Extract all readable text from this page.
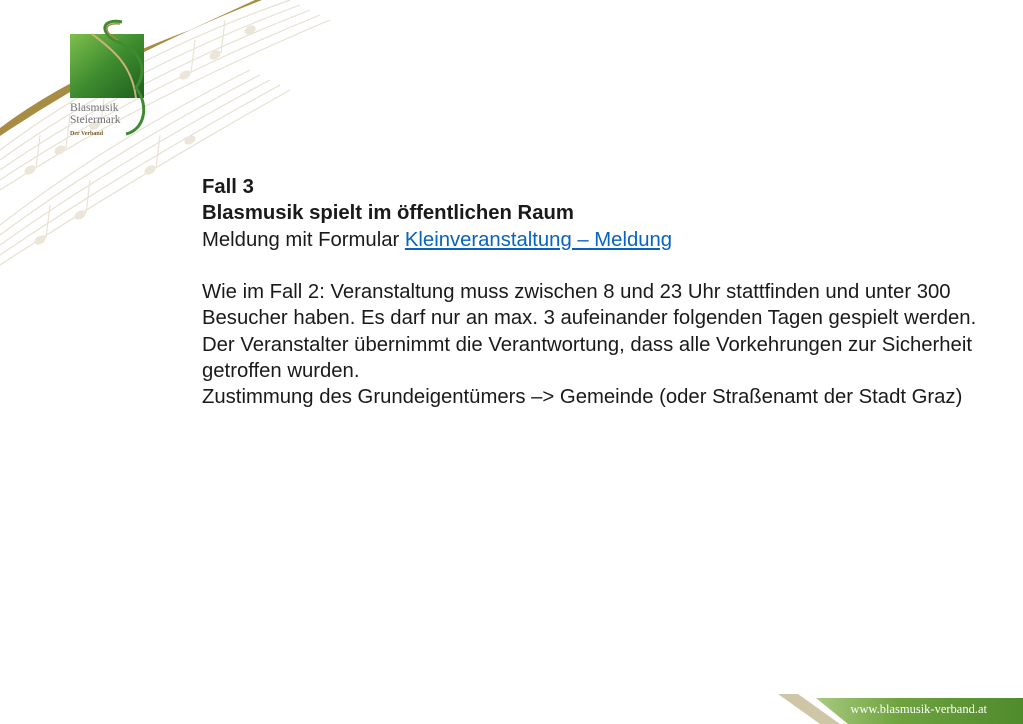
Blasmusik
Steiermark
Der Verband

Fall 3

Blasmusik spielt im öffentlichen Raum

Meldung mit Formular Kleinveranstaltung – Meldung

Wie im Fall 2: Veranstaltung muss zwischen 8 und 23 Uhr stattfinden und unter 300

Besucher haben. Es darf nur an max. 3 aufeinander folgenden Tagen gespielt werden.

Der Veranstalter übernimmt die Verantwortung, dass alle Vorkehrungen zur Sicherheit

getroffen wurden.

Zustimmung des Grundeigentümers –> Gemeinde (oder Straßenamt der Stadt Graz)

www.blasmusik-verband.at
